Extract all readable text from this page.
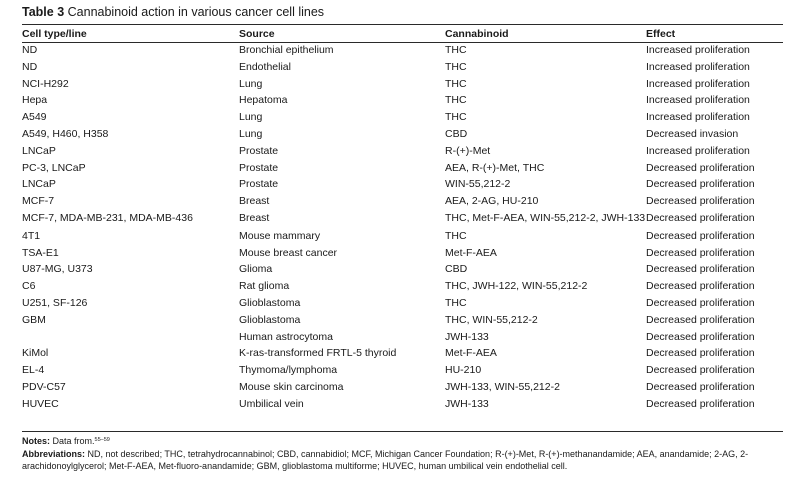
Table 3 Cannabinoid action in various cancer cell lines
Cell type/line	Source	Cannabinoid	Effect
ND	Bronchial epithelium	THC	Increased proliferation
ND	Endothelial	THC	Increased proliferation
NCI-H292	Lung	THC	Increased proliferation
Hepa	Hepatoma	THC	Increased proliferation
A549	Lung	THC	Increased proliferation
A549, H460, H358	Lung	CBD	Decreased invasion
LNCaP	Prostate	R-(+)-Met	Increased proliferation
PC-3, LNCaP	Prostate	AEA, R-(+)-Met, THC	Decreased proliferation
LNCaP	Prostate	WIN-55,212-2	Decreased proliferation
MCF-7	Breast	AEA, 2-AG, HU-210	Decreased proliferation
MCF-7, MDA-MB-231, MDA-MB-436	Breast	THC, Met-F-AEA, WIN-55,212-2, JWH-133	Decreased proliferation
4T1	Mouse mammary	THC	Decreased proliferation
TSA-E1	Mouse breast cancer	Met-F-AEA	Decreased proliferation
U87-MG, U373	Glioma	CBD	Decreased proliferation
C6	Rat glioma	THC, JWH-122, WIN-55,212-2	Decreased proliferation
U251, SF-126	Glioblastoma	THC	Decreased proliferation
GBM	Glioblastoma	THC, WIN-55,212-2	Decreased proliferation
	Human astrocytoma	JWH-133	Decreased proliferation
KiMol	K-ras-transformed FRTL-5 thyroid	Met-F-AEA	Decreased proliferation
EL-4	Thymoma/lymphoma	HU-210	Decreased proliferation
PDV-C57	Mouse skin carcinoma	JWH-133, WIN-55,212-2	Decreased proliferation
HUVEC	Umbilical vein	JWH-133	Decreased proliferation
Notes: Data from.$^{55-59}$
Abbreviations: ND, not described; THC, tetrahydrocannabinol; CBD, cannabidiol; MCF, Michigan Cancer Foundation; R-(+)-Met, R-(+)-methanandamide; AEA, anandamide; 2-AG, 2-arachidonoylglycerol; Met-F-AEA, Met-fluoro-anandamide; GBM, glioblastoma multiforme; HUVEC, human umbilical vein endothelial cell.
